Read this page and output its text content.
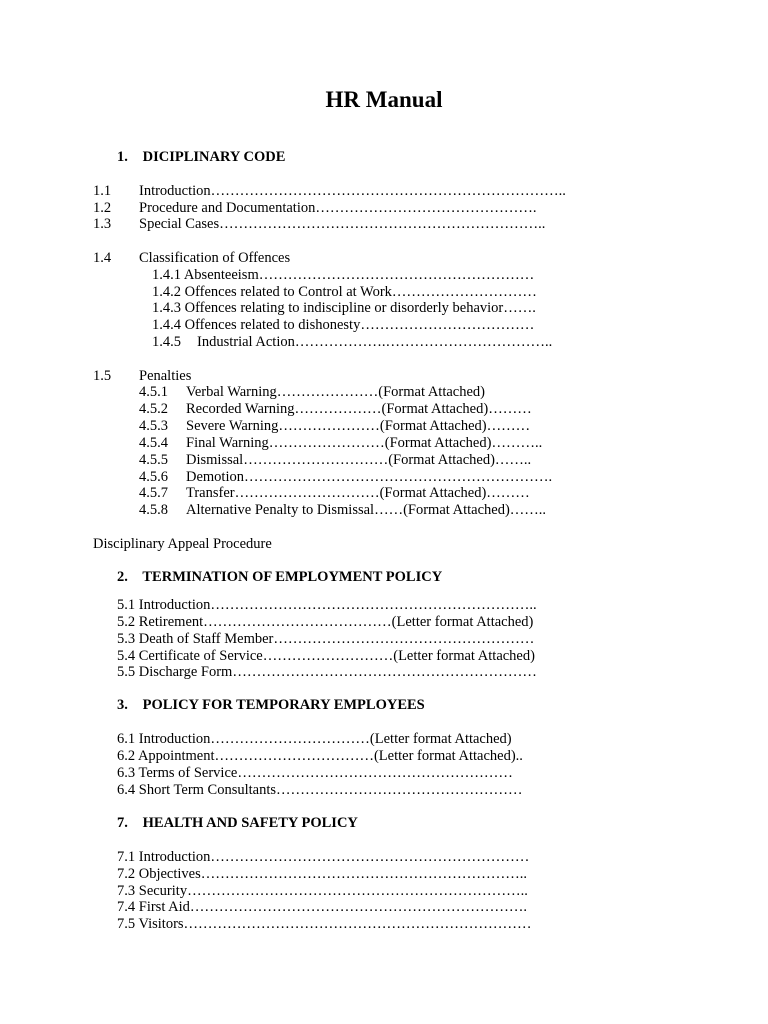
HR Manual
1. DICIPLINARY CODE
1.1 Introduction………………………………………………………………..
1.2 Procedure and Documentation……………………………………….
1.3 Special Cases…………………………………………………………..
1.4 Classification of Offences
1.4.1 Absenteeism…………………………………………………
1.4.2 Offences related to Control at Work…………………………
1.4.3 Offences relating to indiscipline or disorderly behavior…….
1.4.4 Offences related to dishonesty………………………………
1.4.5 Industrial Action……………….……………………………..
1.5 Penalties
4.5.1 Verbal Warning…………………(Format Attached)
4.5.2 Recorded Warning………………(Format Attached)………
4.5.3 Severe Warning…………………(Format Attached)………
4.5.4 Final Warning……………………(Format Attached)………..
4.5.5 Dismissal…………………………(Format Attached)……..
4.5.6 Demotion……………………………………………………….
4.5.7 Transfer…………………………(Format Attached)………
4.5.8 Alternative Penalty to Dismissal……(Format Attached)……..
Disciplinary Appeal Procedure
2. TERMINATION OF EMPLOYMENT POLICY
5.1 Introduction…………………………………………………………..
5.2 Retirement…………………………………(Letter format Attached)
5.3 Death of Staff Member………………………………………………
5.4 Certificate of Service………………………(Letter format Attached)
5.5 Discharge Form………………………………………………………
3. POLICY FOR TEMPORARY EMPLOYEES
6.1 Introduction……………………………(Letter format Attached)
6.2 Appointment……………………………(Letter format Attached)..
6.3 Terms of Service…………………………………………………
6.4 Short Term Consultants……………………………………………
7. HEALTH AND SAFETY POLICY
7.1 Introduction…………………………………………………………
7.2 Objectives…………………………………………………………..
7.3 Security……………………………………………………………..
7.4 First Aid…………………………………………………………….
7.5 Visitors………………………………………………………………
